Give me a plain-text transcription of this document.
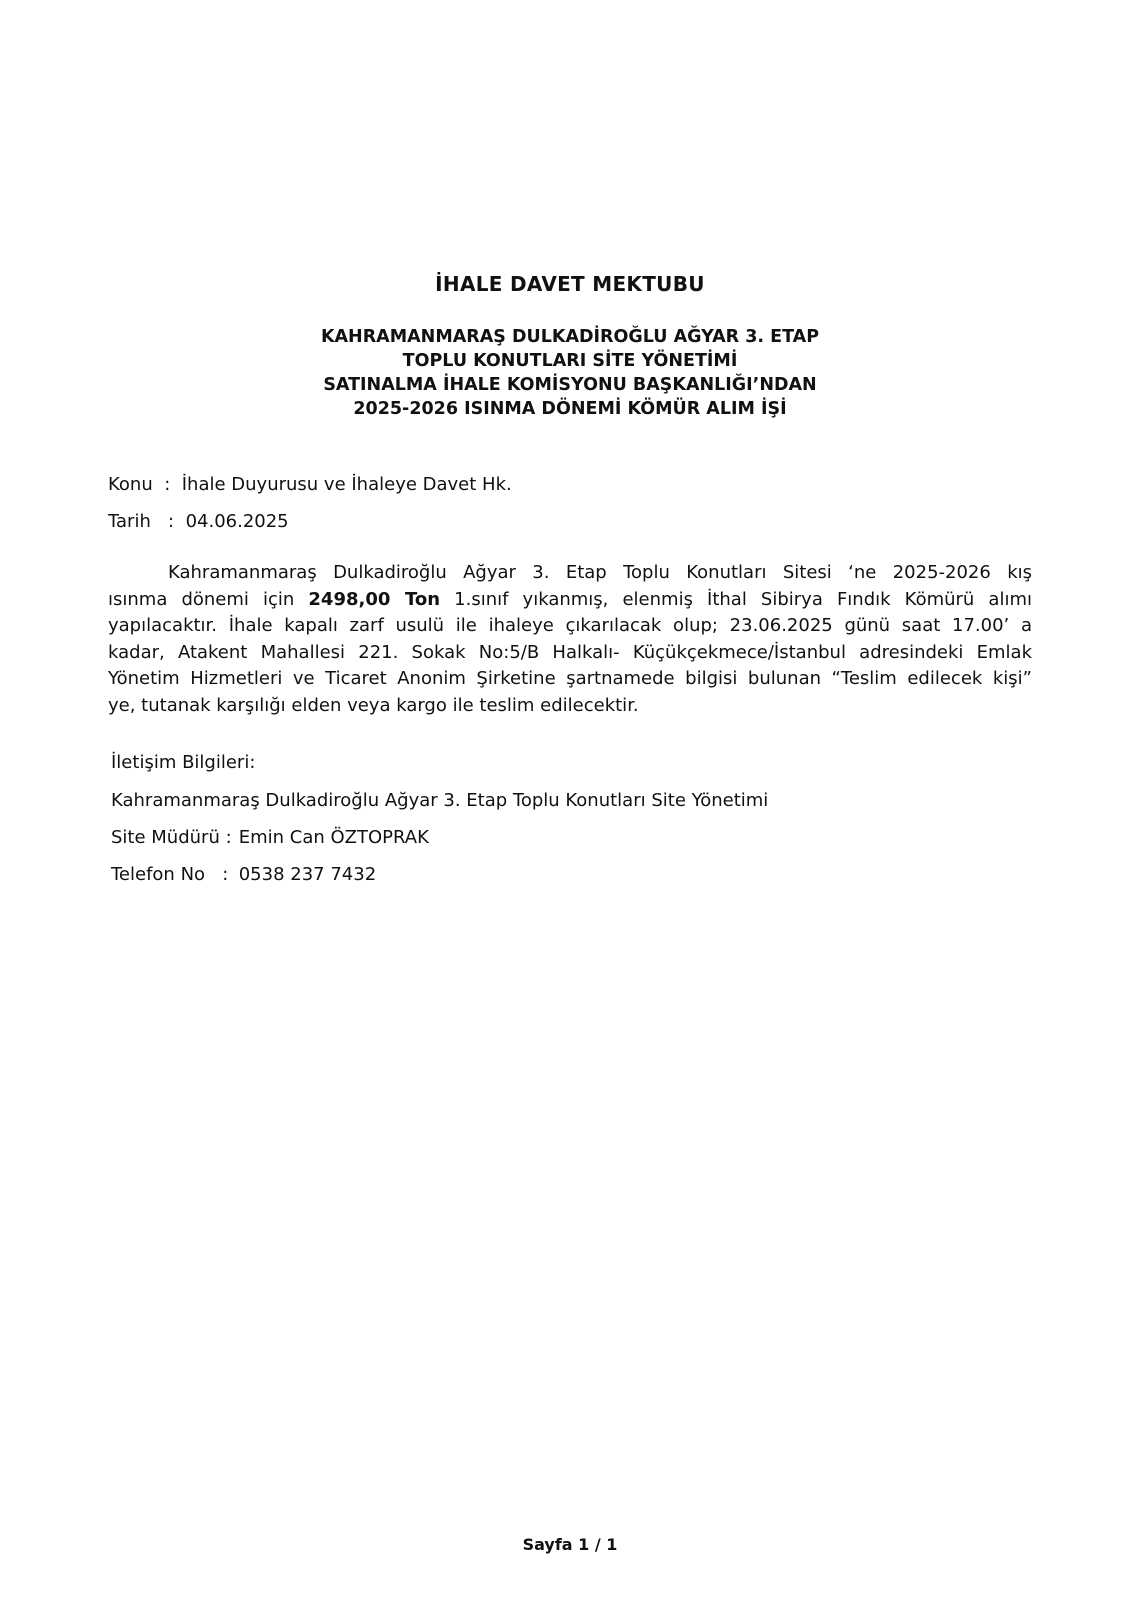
İHALE DAVET MEKTUBU
KAHRAMANMARAŞ DULKADİROĞLU AĞYAR 3. ETAP
TOPLU KONUTLARI SİTE YÖNETİMİ
SATINALMA İHALE KOMİSYONU BAŞKANLIĞI’NDAN
2025-2026 ISINMA DÖNEMİ KÖMÜR ALIM İŞİ
Konu  :  İhale Duyurusu ve İhaleye Davet Hk.
Tarih   :  04.06.2025
Kahramanmaraş Dulkadiroğlu Ağyar 3. Etap Toplu Konutları Sitesi ‘ne 2025-2026 kış
ısınma dönemi için 2498,00 Ton 1.sınıf yıkanmış, elenmiş İthal Sibirya Fındık Kömürü alımı
yapılacaktır. İhale kapalı zarf usulü ile ihaleye çıkarılacak olup; 23.06.2025 günü saat 17.00’ a
kadar, Atakent Mahallesi 221. Sokak No:5/B Halkalı- Küçükçekmece/İstanbul adresindeki Emlak
Yönetim Hizmetleri ve Ticaret Anonim Şirketine şartnamede bilgisi bulunan “Teslim edilecek kişi”
ye, tutanak karşılığı elden veya kargo ile teslim edilecektir.
İletişim Bilgileri:
Kahramanmaraş Dulkadiroğlu Ağyar 3. Etap Toplu Konutları Site Yönetimi
Site Müdürü : Emin Can ÖZTOPRAK
Telefon No   : 0538 237 7432
Sayfa 1 / 1
